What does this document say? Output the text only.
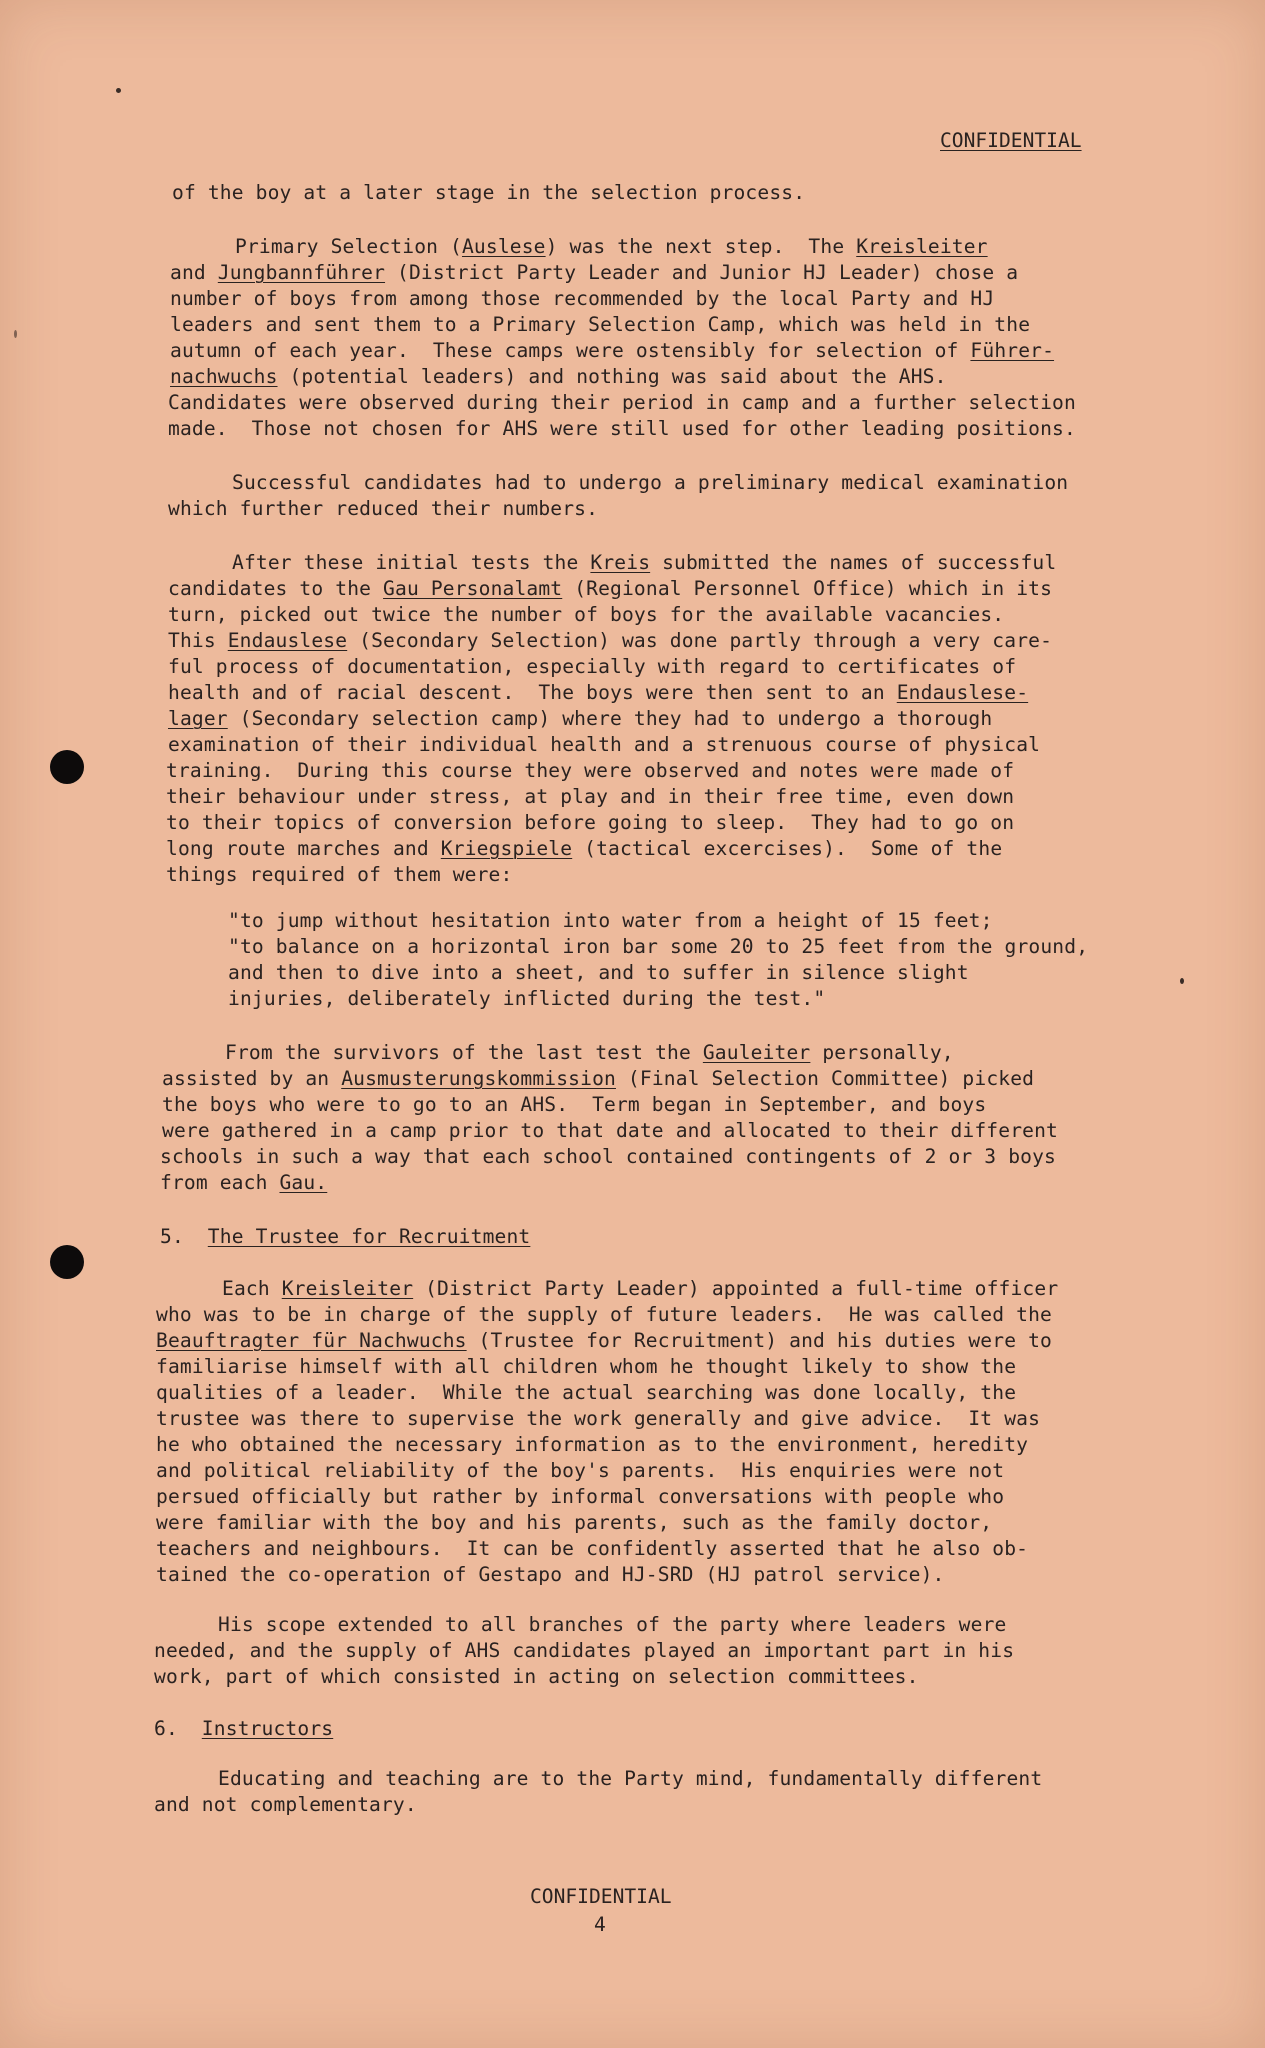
CONFIDENTIAL
of the boy at a later stage in the selection process.
Primary Selection (Auslese) was the next step.  The Kreisleiter
and Jungbannführer (District Party Leader and Junior HJ Leader) chose a
number of boys from among those recommended by the local Party and HJ
leaders and sent them to a Primary Selection Camp, which was held in the
autumn of each year.  These camps were ostensibly for selection of Führer-
nachwuchs (potential leaders) and nothing was said about the AHS.
Candidates were observed during their period in camp and a further selection
made.  Those not chosen for AHS were still used for other leading positions.
Successful candidates had to undergo a preliminary medical examination
which further reduced their numbers.
After these initial tests the Kreis submitted the names of successful
candidates to the Gau Personalamt (Regional Personnel Office) which in its
turn, picked out twice the number of boys for the available vacancies.
This Endauslese (Secondary Selection) was done partly through a very care-
ful process of documentation, especially with regard to certificates of
health and of racial descent.  The boys were then sent to an Endauslese-
lager (Secondary selection camp) where they had to undergo a thorough
examination of their individual health and a strenuous course of physical
training.  During this course they were observed and notes were made of
their behaviour under stress, at play and in their free time, even down
to their topics of conversion before going to sleep.  They had to go on
long route marches and Kriegspiele (tactical excercises).  Some of the
things required of them were:
"to jump without hesitation into water from a height of 15 feet;
"to balance on a horizontal iron bar some 20 to 25 feet from the ground,
and then to dive into a sheet, and to suffer in silence slight
injuries, deliberately inflicted during the test."
From the survivors of the last test the Gauleiter personally,
assisted by an Ausmusterungskommission (Final Selection Committee) picked
the boys who were to go to an AHS.  Term began in September, and boys
were gathered in a camp prior to that date and allocated to their different
schools in such a way that each school contained contingents of 2 or 3 boys
from each Gau.
5.  The Trustee for Recruitment
Each Kreisleiter (District Party Leader) appointed a full-time officer
who was to be in charge of the supply of future leaders.  He was called the
Beauftragter für Nachwuchs (Trustee for Recruitment) and his duties were to
familiarise himself with all children whom he thought likely to show the
qualities of a leader.  While the actual searching was done locally, the
trustee was there to supervise the work generally and give advice.  It was
he who obtained the necessary information as to the environment, heredity
and political reliability of the boy's parents.  His enquiries were not
persued officially but rather by informal conversations with people who
were familiar with the boy and his parents, such as the family doctor,
teachers and neighbours.  It can be confidently asserted that he also ob-
tained the co-operation of Gestapo and HJ-SRD (HJ patrol service).
His scope extended to all branches of the party where leaders were
needed, and the supply of AHS candidates played an important part in his
work, part of which consisted in acting on selection committees.
6.  Instructors
Educating and teaching are to the Party mind, fundamentally different
and not complementary.
CONFIDENTIAL
4
